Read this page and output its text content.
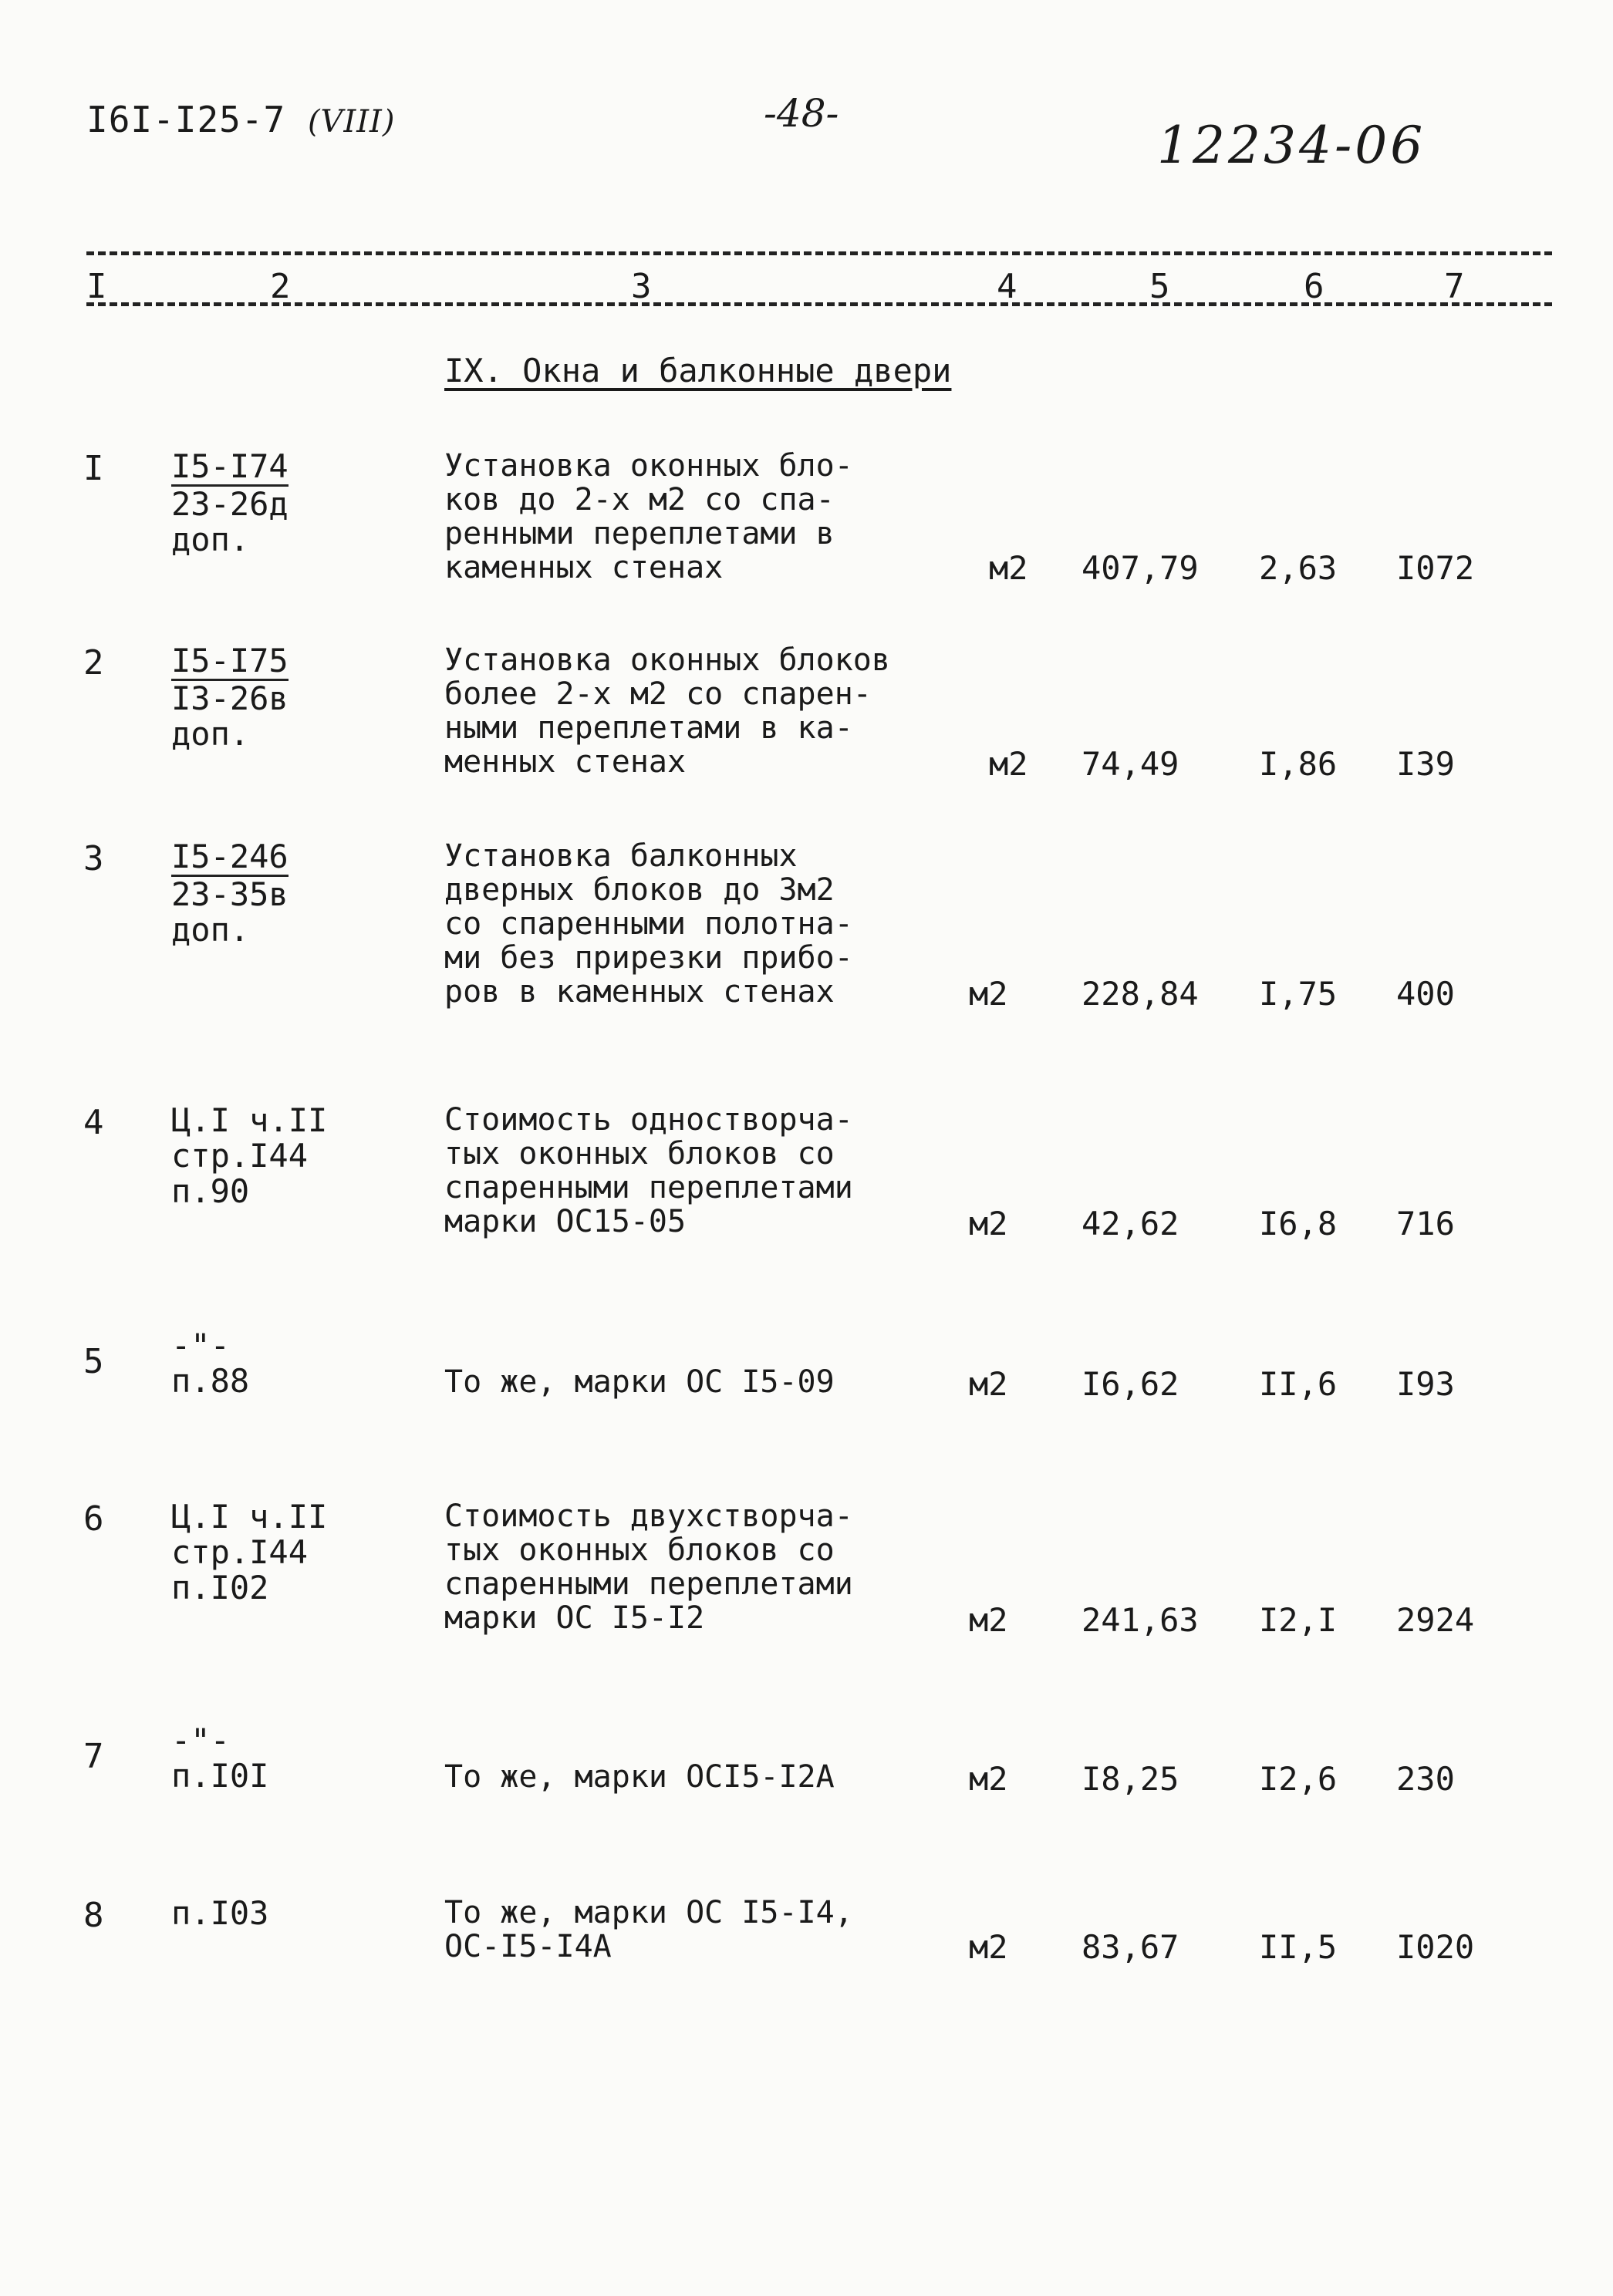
I6I-I25-7 (VIII)	-48-
12234-06
I	2	3	4	5	6	7
IX. Окна и балконные двери
I I5-I74
23-26д
доп.
Установка оконных бло-
ков до 2-х м2 со спа-
ренными переплетами в
каменных стенах	м2 407,79 2,63 I072
2 I5-I75
I3-26в
доп.
Установка оконных блоков
более 2-х м2 со спарен-
ными переплетами в ка-
менных стенах	м2 74,49 I,86 I39
3 I5-246
23-35в
доп.
Установка балконных
дверных блоков до 3м2
со спаренными полотна-
ми без прирезки прибо-
ров в каменных стенах	м2 228,84 I,75 400
4 Ц.I ч.II
стр.I44
п.90
Стоимость одностворча-
тых оконных блоков со
спаренными переплетами
марки ОС15-05	м2 42,62 I6,8 716
5 -"-
п.88	То же, марки ОС I5-09	м2 I6,62 II,6 I93
6 Ц.I ч.II
стр.I44
п.I02
Стоимость двухстворча-
тых оконных блоков со
спаренными переплетами
марки ОС I5-I2	м2 241,63 I2,I 2924
7 -"-
п.I0I	То же, марки ОСI5-I2А	м2 I8,25 I2,6 230
8 п.I03	То же, марки ОС I5-I4,
ОС-I5-I4А	м2 83,67 II,5 I020
